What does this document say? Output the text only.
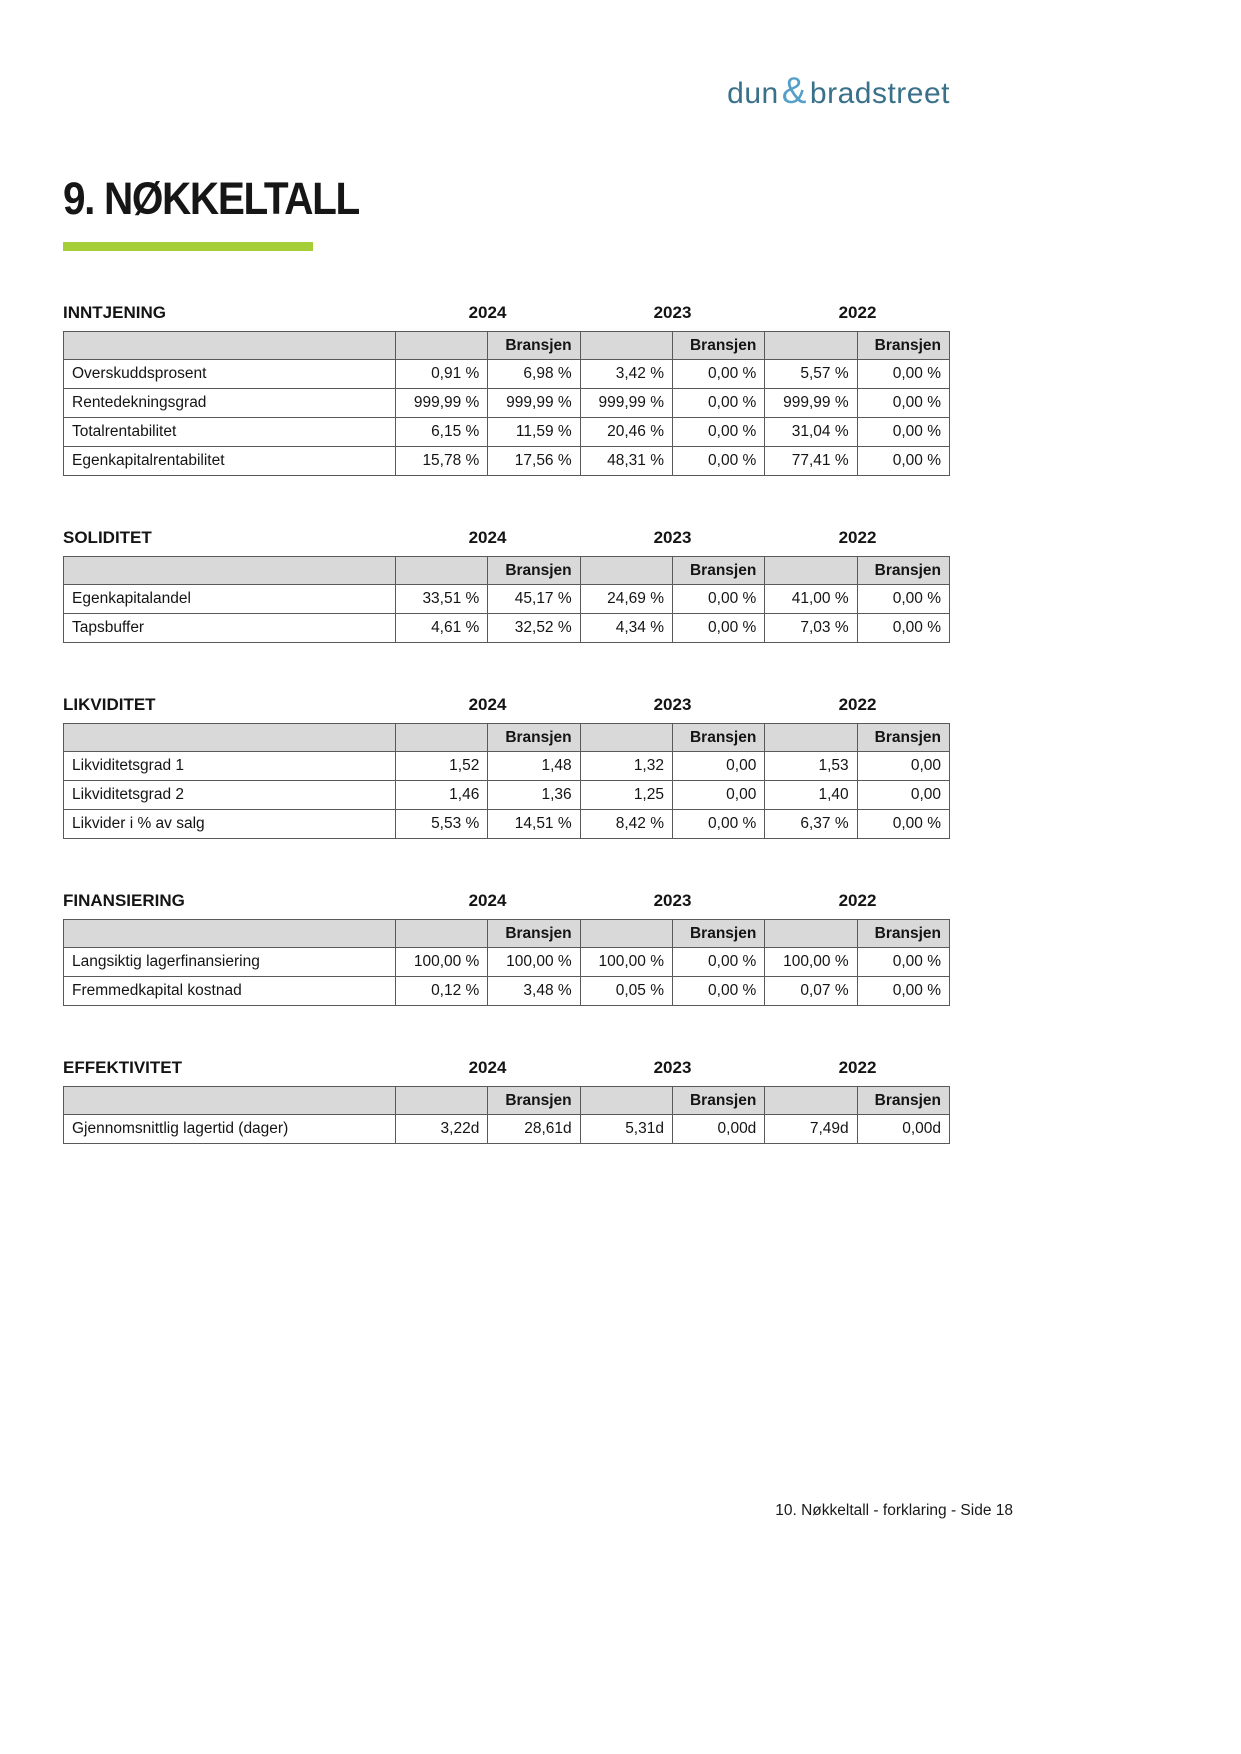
dun & bradstreet
9. NØKKELTALL
INNTJENING	2024	2023	2022
		Bransjen		Bransjen		Bransjen
Overskuddsprosent	0,91 %	6,98 %	3,42 %	0,00 %	5,57 %	0,00 %
Rentedekningsgrad	999,99 %	999,99 %	999,99 %	0,00 %	999,99 %	0,00 %
Totalrentabilitet	6,15 %	11,59 %	20,46 %	0,00 %	31,04 %	0,00 %
Egenkapitalrentabilitet	15,78 %	17,56 %	48,31 %	0,00 %	77,41 %	0,00 %
SOLIDITET	2024	2023	2022
		Bransjen		Bransjen		Bransjen
Egenkapitalandel	33,51 %	45,17 %	24,69 %	0,00 %	41,00 %	0,00 %
Tapsbuffer	4,61 %	32,52 %	4,34 %	0,00 %	7,03 %	0,00 %
LIKVIDITET	2024	2023	2022
		Bransjen		Bransjen		Bransjen
Likviditetsgrad 1	1,52	1,48	1,32	0,00	1,53	0,00
Likviditetsgrad 2	1,46	1,36	1,25	0,00	1,40	0,00
Likvider i % av salg	5,53 %	14,51 %	8,42 %	0,00 %	6,37 %	0,00 %
FINANSIERING	2024	2023	2022
		Bransjen		Bransjen		Bransjen
Langsiktig lagerfinansiering	100,00 %	100,00 %	100,00 %	0,00 %	100,00 %	0,00 %
Fremmedkapital kostnad	0,12 %	3,48 %	0,05 %	0,00 %	0,07 %	0,00 %
EFFEKTIVITET	2024	2023	2022
		Bransjen		Bransjen		Bransjen
Gjennomsnittlig lagertid (dager)	3,22d	28,61d	5,31d	0,00d	7,49d	0,00d
10. Nøkkeltall - forklaring - Side 18
